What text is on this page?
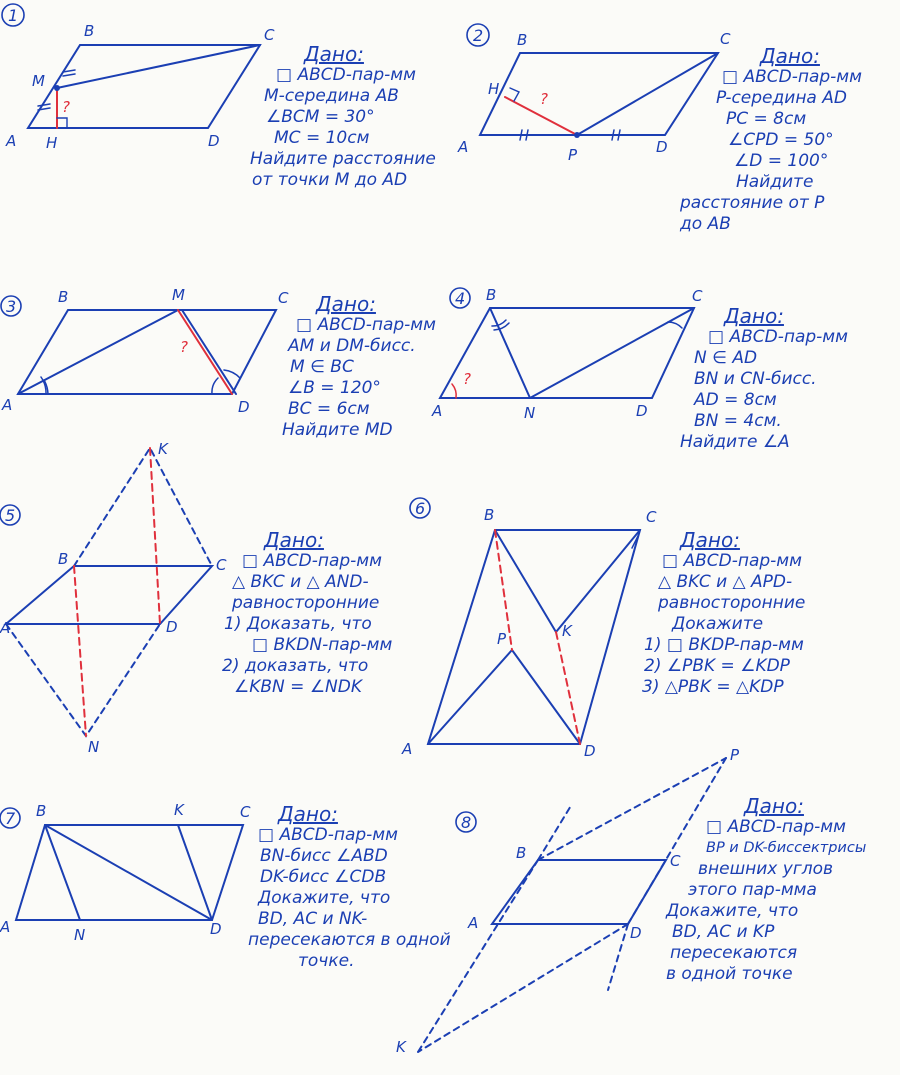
1
B	C
M
A H	D
?
2 B	C
H
A	P	D
?
3	B	M	C
A	D
?
4 B	C
A	N	D
?
5
K
B	C
A	D
N
6	B	C
P	K
A	D
7 B	K	C
A	N	D
8
P
B	C
A
D
K
Дано:
□ ABCD-пар-мм
M-середина AB
∠BCM = 30°
MC = 10см
Найдите расстояние
от точки M до AD
Дано:
□ ABCD-пар-мм
P-середина AD
PC = 8см
∠CPD = 50°
∠D = 100°
Найдите
расстояние от P
до AB
Дано:
□ ABCD-пар-мм
AM и DM-бисс.
M ∈ BC
∠B = 120°
BC = 6см
Найдите MD
Дано:
□ ABCD-пар-мм
N ∈ AD
BN и CN-бисс.
AD = 8см
BN = 4см.
Найдите ∠A
Дано:
□ ABCD-пар-мм
△ BKC и △ AND-
равносторонние
1) Доказать, что
□ BKDN-пар-мм
2) доказать, что
∠KBN = ∠NDK
Дано:
□ ABCD-пар-мм
△ BKC и △ APD-
равносторонние
Докажите
1) □ BKDP-пар-мм
2) ∠PBK = ∠KDP
3) △PBK = △KDP
Дано:
□ ABCD-пар-мм
BN-бисс ∠ABD
DK-бисс ∠CDB
Докажите, что
BD, AC и NK-
пересекаются в одной
точке.
Дано:
□ ABCD-пар-мм
BP и DK-биссектрисы
внешних углов
этого пар-мма
Докажите, что
BD, AC и KP
пересекаются
в одной точке
